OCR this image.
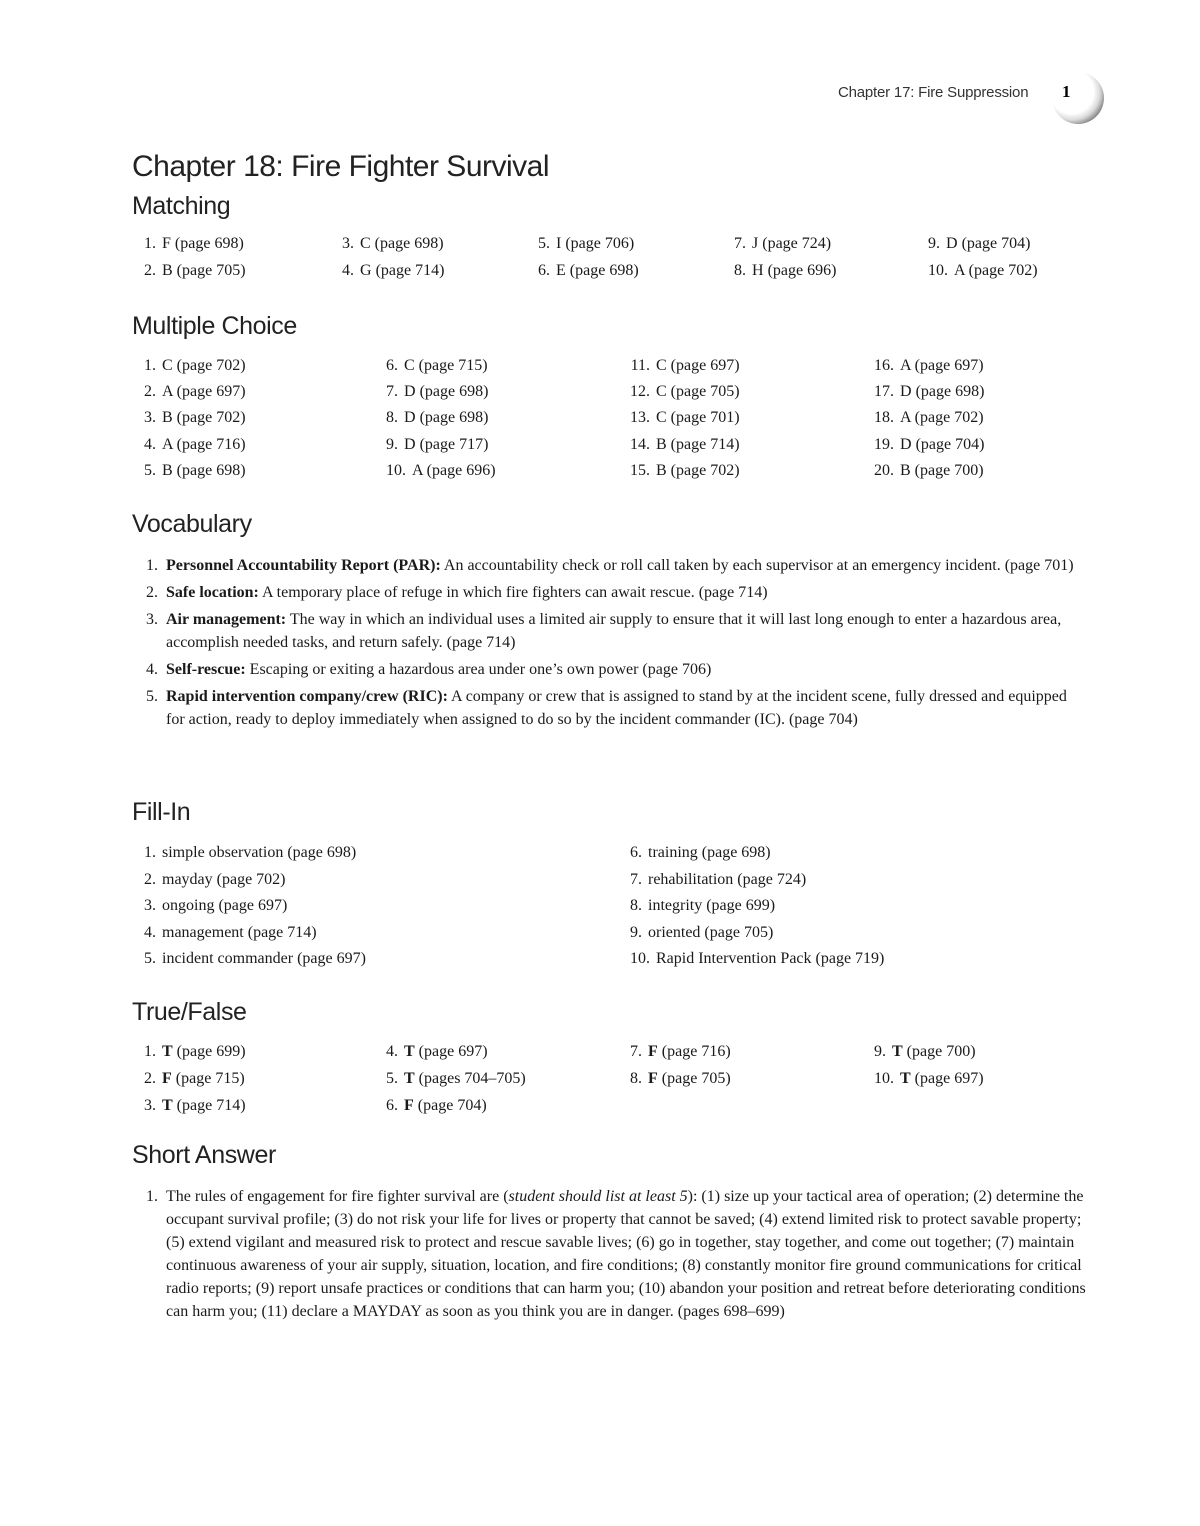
Chapter 17: Fire Suppression 1
Chapter 18: Fire Fighter Survival
Matching
1. F (page 698)
2. B (page 705)
3. C (page 698)
4. G (page 714)
5. I (page 706)
6. E (page 698)
7. J (page 724)
8. H (page 696)
9. D (page 704)
10. A (page 702)
Multiple Choice
1. C (page 702)
2. A (page 697)
3. B (page 702)
4. A (page 716)
5. B (page 698)
6. C (page 715)
7. D (page 698)
8. D (page 698)
9. D (page 717)
10. A (page 696)
11. C (page 697)
12. C (page 705)
13. C (page 701)
14. B (page 714)
15. B (page 702)
16. A (page 697)
17. D (page 698)
18. A (page 702)
19. D (page 704)
20. B (page 700)
Vocabulary
1. Personnel Accountability Report (PAR): An accountability check or roll call taken by each supervisor at an emergency incident. (page 701)
2. Safe location: A temporary place of refuge in which fire fighters can await rescue. (page 714)
3. Air management: The way in which an individual uses a limited air supply to ensure that it will last long enough to enter a hazardous area, accomplish needed tasks, and return safely. (page 714)
4. Self-rescue: Escaping or exiting a hazardous area under one’s own power (page 706)
5. Rapid intervention company/crew (RIC): A company or crew that is assigned to stand by at the incident scene, fully dressed and equipped for action, ready to deploy immediately when assigned to do so by the incident commander (IC). (page 704)
Fill-In
1. simple observation (page 698)
2. mayday (page 702)
3. ongoing (page 697)
4. management (page 714)
5. incident commander (page 697)
6. training (page 698)
7. rehabilitation (page 724)
8. integrity (page 699)
9. oriented (page 705)
10. Rapid Intervention Pack (page 719)
True/False
1. T (page 699)
2. F (page 715)
3. T (page 714)
4. T (page 697)
5. T (pages 704–705)
6. F (page 704)
7. F (page 716)
8. F (page 705)
9. T (page 700)
10. T (page 697)
Short Answer
1. The rules of engagement for fire fighter survival are (student should list at least 5): (1) size up your tactical area of operation; (2) determine the occupant survival profile; (3) do not risk your life for lives or property that cannot be saved; (4) extend limited risk to protect savable property; (5) extend vigilant and measured risk to protect and rescue savable lives; (6) go in together, stay together, and come out together; (7) maintain continuous awareness of your air supply, situation, location, and fire conditions; (8) constantly monitor fire ground communications for critical radio reports; (9) report unsafe practices or conditions that can harm you; (10) abandon your position and retreat before deteriorating conditions can harm you; (11) declare a MAYDAY as soon as you think you are in danger. (pages 698–699)
